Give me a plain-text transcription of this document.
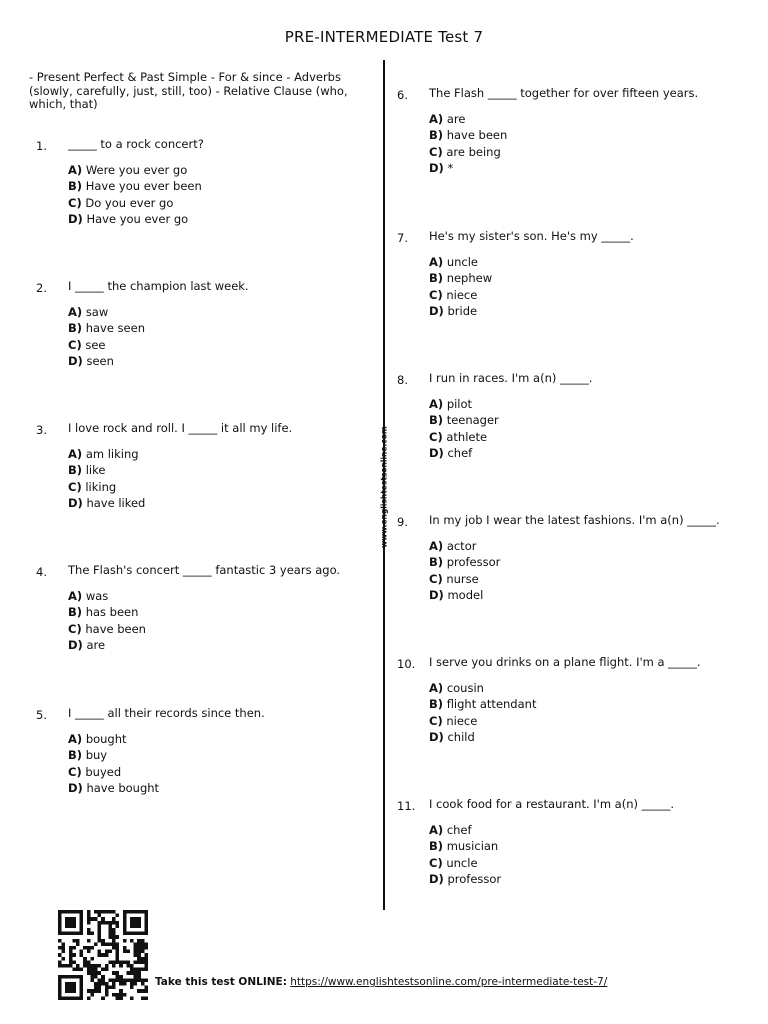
PRE-INTERMEDIATE Test 7
- Present Perfect & Past Simple - For & since - Adverbs (slowly, carefully, just, still, too) - Relative Clause (who, which, that)
www.englishtestsonline.com
1. _____ to a rock concert?
A) Were you ever go
B) Have you ever been
C) Do you ever go
D) Have you ever go
2. I _____ the champion last week.
A) saw
B) have seen
C) see
D) seen
3. I love rock and roll. I _____ it all my life.
A) am liking
B) like
C) liking
D) have liked
4. The Flash's concert _____ fantastic 3 years ago.
A) was
B) has been
C) have been
D) are
5. I _____ all their records since then.
A) bought
B) buy
C) buyed
D) have bought
6. The Flash _____ together for over fifteen years.
A) are
B) have been
C) are being
D) *
7. He's my sister's son. He's my _____.
A) uncle
B) nephew
C) niece
D) bride
8. I run in races. I'm a(n) _____.
A) pilot
B) teenager
C) athlete
D) chef
9. In my job I wear the latest fashions. I'm a(n) _____.
A) actor
B) professor
C) nurse
D) model
10. I serve you drinks on a plane flight. I'm a _____.
A) cousin
B) flight attendant
C) niece
D) child
11. I cook food for a restaurant. I'm a(n) _____.
A) chef
B) musician
C) uncle
D) professor
Take this test ONLINE: https://www.englishtestsonline.com/pre-intermediate-test-7/
